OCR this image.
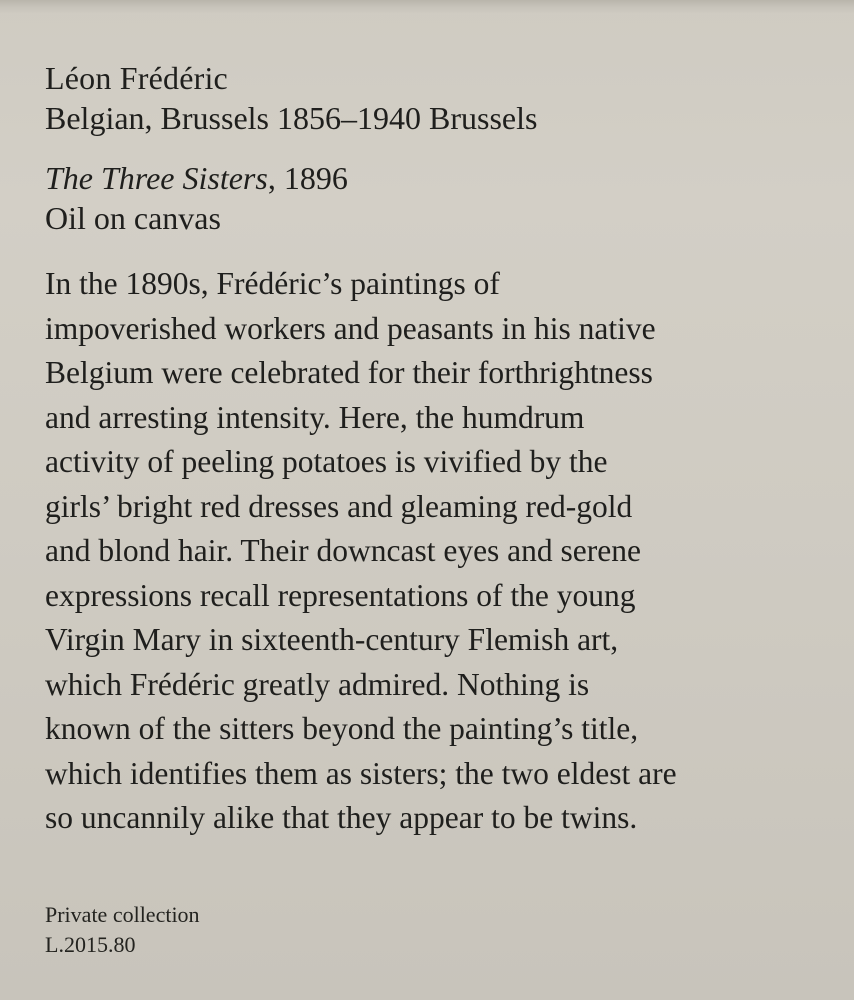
Léon Frédéric

Belgian, Brussels 1856–1940 Brussels

The Three Sisters, 1896

Oil on canvas

In the 1890s, Frédéric’s paintings of
impoverished workers and peasants in his native
Belgium were celebrated for their forthrightness
and arresting intensity. Here, the humdrum
activity of peeling potatoes is vivified by the
girls’ bright red dresses and gleaming red-gold
and blond hair. Their downcast eyes and serene
expressions recall representations of the young
Virgin Mary in sixteenth-century Flemish art,
which Frédéric greatly admired. Nothing is
known of the sitters beyond the painting’s title,
which identifies them as sisters; the two eldest are
so uncannily alike that they appear to be twins.

Private collection
L.2015.80
